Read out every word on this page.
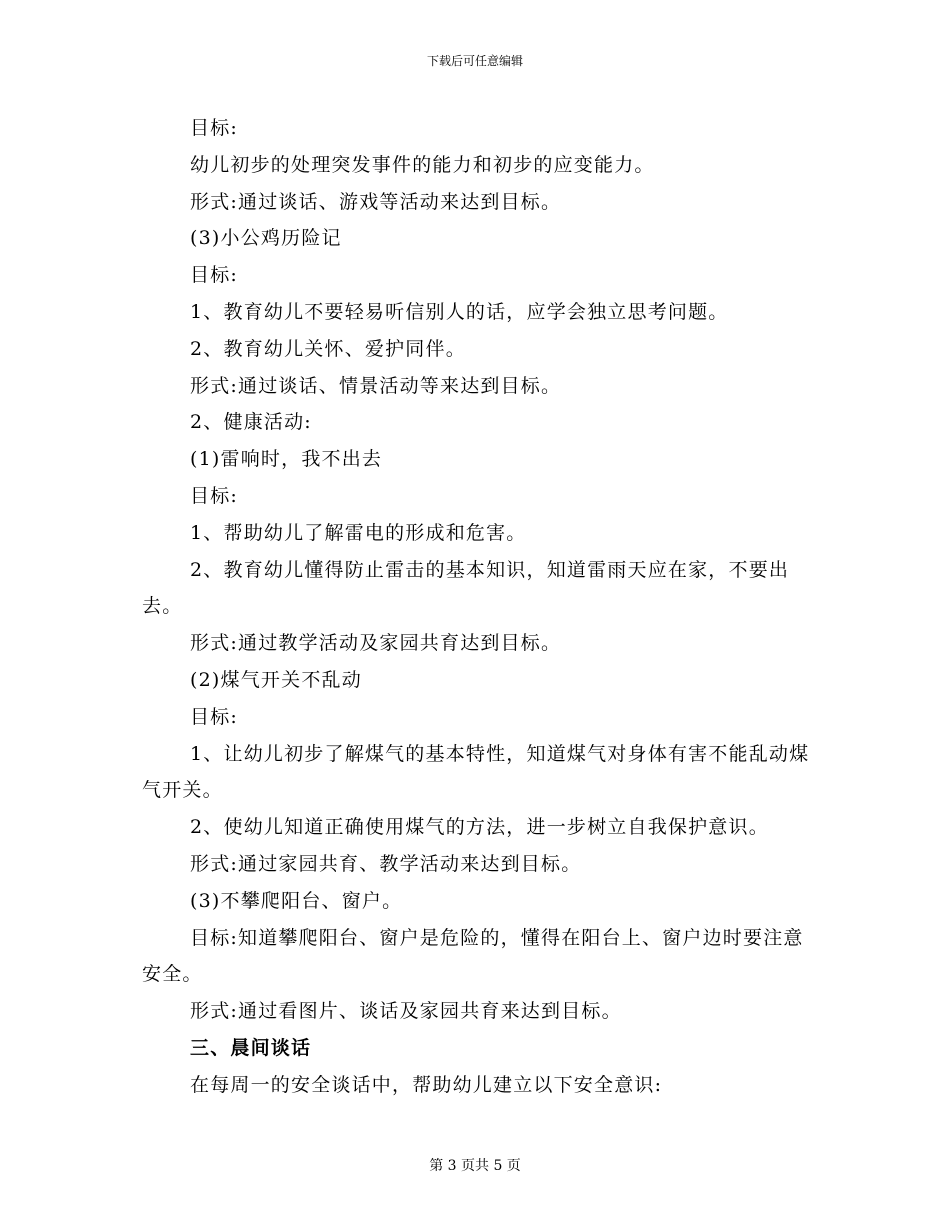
下载后可任意编辑

目标:

幼儿初步的处理突发事件的能力和初步的应变能力。

形式:通过谈话、游戏等活动来达到目标。

(3)小公鸡历险记

目标:

1、教育幼儿不要轻易听信别人的话，应学会独立思考问题。

2、教育幼儿关怀、爱护同伴。

形式:通过谈话、情景活动等来达到目标。

2、健康活动:

(1)雷响时，我不出去

目标:

1、帮助幼儿了解雷电的形成和危害。

2、教育幼儿懂得防止雷击的基本知识，知道雷雨天应在家，不要出去。

形式:通过教学活动及家园共育达到目标。

(2)煤气开关不乱动

目标:

1、让幼儿初步了解煤气的基本特性，知道煤气对身体有害不能乱动煤气开关。

2、使幼儿知道正确使用煤气的方法，进一步树立自我保护意识。

形式:通过家园共育、教学活动来达到目标。

(3)不攀爬阳台、窗户。

目标:知道攀爬阳台、窗户是危险的，懂得在阳台上、窗户边时要注意安全。

形式:通过看图片、谈话及家园共育来达到目标。

三、晨间谈话

在每周一的安全谈话中，帮助幼儿建立以下安全意识:

第 3 页共 5 页
